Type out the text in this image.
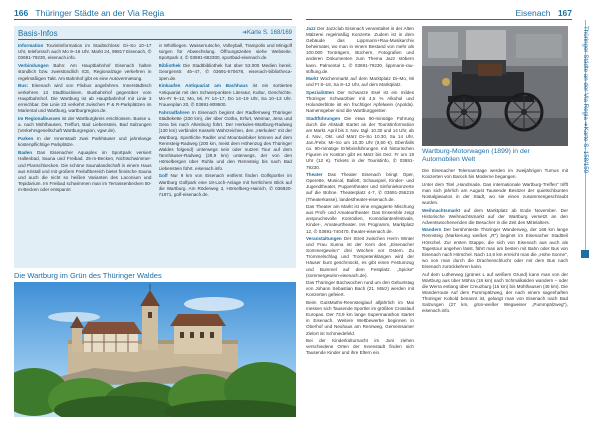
166 Thüringer Städte an der Via Regia
Basis-Infos	➜Karte S. 168/169

Information Touristinformation im Stadtschloss: Di–So 10–17 Uhr, telefonisch auch Mo 9–16 Uhr. Markt 24, 99817 Eisenach, ✆ 03691-79230, eisenach.info.

Verbindungen Bahn: Am Hauptbahnhof Eisenach halten stündlich bzw. zweistündlich ICE, Regionalzüge verkehren in regelmäßigen Takt. Am Bahnhof gibt es eine Autovermietung.

Bus: Eisenach wird von Flixbus angefahren. Innerstädtisch verkehren 13 Stadtbuslinien. Busbahnhof gegenüber vom Hauptbahnhof. Die Wartburg ist ab Hauptbahnhof mit Linie 3 erreichbar. Die Linie 23 verkehrt zwischen P & R-Parkplätzen im Mariental und Wartburg, wartburgregion.de.

Im Regionalbussen ist der Wartburgkreis erschlossen. Busse u. a. nach Mühlhausen, Treffurt, Bad Liebenstein, Bad Salzungen (Verkehrsgesellschaft Wartburgregion, vgwr.de).

Parken In der Innenstadt zwei Parkhäuser und jahrelange kostenpflichtige Parkplätze.

Baden Das Eisenacher Aquaplex im Sportpark versiert Hallenbad, Sauna und Freibad. 25-m-Becken, Nichtschwimmer- und Planschbecken. Die schöne Saunalandschaft in einem Haus aus Kristall und mit großem Freiluftbereich bietet finnische Sauna und auch die nicht so heißen Varianten des Laconium und Tepidarium. Im Freibad schwimmen man im Terrassenbecken 50-m-Becken oder entspannt

in Whirlliegen. Wasserrutsche, Volleyball, Trampolin und Minigolf sorgen für Abwechslung. Öffnungszeiten siehe Webseite. Sportpark 4, ✆ 03691-682300, sportbad-eisenach.de.

Bibliothek Die Stadtbibliothek hat über 53.000 Medien bereit. Georgenstr. 45–47, ✆ 03691-670678, eisenach-bibliotheca-open.de.

Einkaufen Antiquariat am Bachhaus ist ein sortiertes Antiquariat mit den Schwerpunkten Literatur, Kultur, Geschichte. Mo–Fr 9–12, Mo, Mi, Fr 14–17, Do 14–19 Uhr, Sa 10–13 Uhr. Frauenplan 20, ✆ 03691-809500.

Fahrradfahren In Eisenach beginnt der Radfernweg Thüringer Städtekette (230 km), der über Gotha, Erfurt, Weimar, Jena und Gera bis nach Altenburg führt. Der Herkules-Wartburg-Radweg (130 km) verbindet Kassels Wahrzeichen, den „Herkules" mit der Wartburg. Sportliche Radler und Mountainbiker können auf dem Rennsteig-Radweg (200 km, meist dem Höhenzug des Thüringer Waldes folgend) unterwegs sein oder nutzen Tour auf dem Tannhäuser-Radweg (28,9 km) unterwegs, der von den Hörselbergen über Ruhla und den Rennsteig bis nach Bad Liebenstein führt. eisenach.info.

Golf Nur 9 km von Eisenach entfernt finden Golfsportler im Wartburg Golfpark eine 18-Loch-Anlage mit herrlichem Blick auf die Wartburg. Am Röderweg 3, Hörselberg-Hainich, ✆ 036920-71871, golf-eisenach.de.

Die Wartburg im Grün des Thüringer Waldes
Eisenach 167

Jazz Der Jazzclub Eisenach veranstaltet in der Alten Mälzerei regelmäßig Konzerte. Zudem ist in dem Gebäude das Lippmann+Rau-Musikarchiv beheimatet, wo man in einem Bestand von mehr als 100.000 Tonträgern, Büchern, Fotografien und anderen Dokumenten zum Thema Jazz stöbern kann. Palmental 1, ✆ 03691-79230, lippmann-rau-stiftung.de.

Markt Wochenmarkt auf dem Marktplatz Di–Mo, Mi und Fr 8–16, Sa 8–12 Uhr, auf dem Marktplatz.

Spezialitäten Der Schwarze Esel ist ein mildes Thüringer Schwarzbier mit 4,5 % Alkohol und Holunderblüte ist ein fruchtiger Apfelwein (Apolda). Namensgeber sind die Wartburggeister.

Stadtführungen Die etwa 90-minütige Führung durch die Altstadt startet an der Touristinformation am Markt. April bis 3. Nov. tägl. 10.30 und 14 Uhr, ab 4. Nov., Okt. und März Di–So 10.30, Sa 14 Uhr, Jan./Febr. Mi–So um 10.30 Uhr (9,50 €). Ebenfalls ca. 90-minütige Erlebnisführungen mit historischen Figuren im Kostüm gibt es März bis Dez. Fr um 19 Uhr (12 €). Tickets in der Touristinfo, ✆ 03691-79230.

Theater Das Theater Eisenach bringt Oper, Operette, Musical, Ballett, Schauspiel, Kinder- und Jugendtheater, Puppentheater und Sinfoniekonzerte auf die Bühne. Theaterplatz 4-7, ✆ 03691-256219 (Theaterkasse), landestheater-eisenach.de.

Das Theater am Markt ist eine engagierte Mischung aus Profi- und Amateurtheater. Das Ensemble zeigt anspruchsvolle Komödien, Komödiantenfestivals, Kinder-, Amateurtheater. Ins Programm, Marktplatz 12, ✆ 03691-740470, theater-eisenach.de.

Veranstaltungen Der Streit zwischen Herrn Winter und Frau Sunna ist der Kern des „Eisenacher Sommergewinn" drei Wochen vor Ostern. Zu Trommelschlag und Trompetenklängen wird der Häuser bunt geschmückt, es gibt einen Festumzug und Bummel auf dem Festplatz. „Spicke" (sommergewinn-eisenach.de).

Das Thüringer Bachwochen rund um den Geburtstag von Johann Sebastian Bach (21. März) werden mit Konzerten gefeiert.

Beim GutsMuths-Rennsteiglauf alljährlich im Mai messen sich Tausende Sportler im größten Crosslauf Europas. Der 73,9 km lange Supermarathon startet in Eisenach. Weitere Wettbewerbe beginnen in Oberhof und Neuhaus am Rennweg. Gemeinsamer Zielort ist Schmiedefeld.

Bei der Kinderkulturnacht im Juni ziehen verschiedene Orten der Innenstadt finden sich Tausende Kinder und ihre Eltern ein.

Wartburg-Motorwagen (1899) in der Automobilen Welt

Die Eisenacher Telemanntage werden im zweijährigen Turnus mit Konzerten von Barock bis Moderne begangen.

Unter dem Titel „Handmade. Das internationale Wartburg-Treffen" trifft man sich jährlich am August Tausende Besitzer der quietschbunten Nostalgieautos in der Stadt, wo sie einen zusammengeschraubt wurden.

Weihnachtsmarkt auf dem Marktplatz ab Ende November. Der Historische Weihnachtsmarkt auf der Wartburg versetzt an den Adventswochenenden die Besucher in die Zeit des Mittelalters.

Wandern Der berühmteste Thüringer Wanderweg, der 168 km lange Rennsteig (Markierung weißes „R") beginnt im Eisenacher Stadtteil Hörschel. Zur ersten Etappe, die sich von Eisenach aus auch als Tagestour angehen lässt, fährt man am besten mit Bahn oder Bus von Eisenach nach Hörschel. Nach 14,6 km erreicht man die „Hohe Sonne", wo von man durch die Drachenschlucht oder mit dem Bus nach Eisenach zurückkehren kann.

Auf dem Lutherweg (grünes L auf weißem Grund) kann man von der Wartburg aus über Möhra (18 km) nach Schmalkalden wandern – oder die Werra entlang über Creuzburg (15 km) bis Mühlhausen (45 km). Die Wanderroute Auf dem Pummpälzweg, der nach einem sagenhaften Thüringer Kobold benannt ist, gelangt man von Eisenach nach Bad Salzungen (27 km, grün-weißer Wegweiser „Pummpälzweg"), eisenach.info.

Thüringer Städte an der Via Regia ➜Karte S. 158/159
